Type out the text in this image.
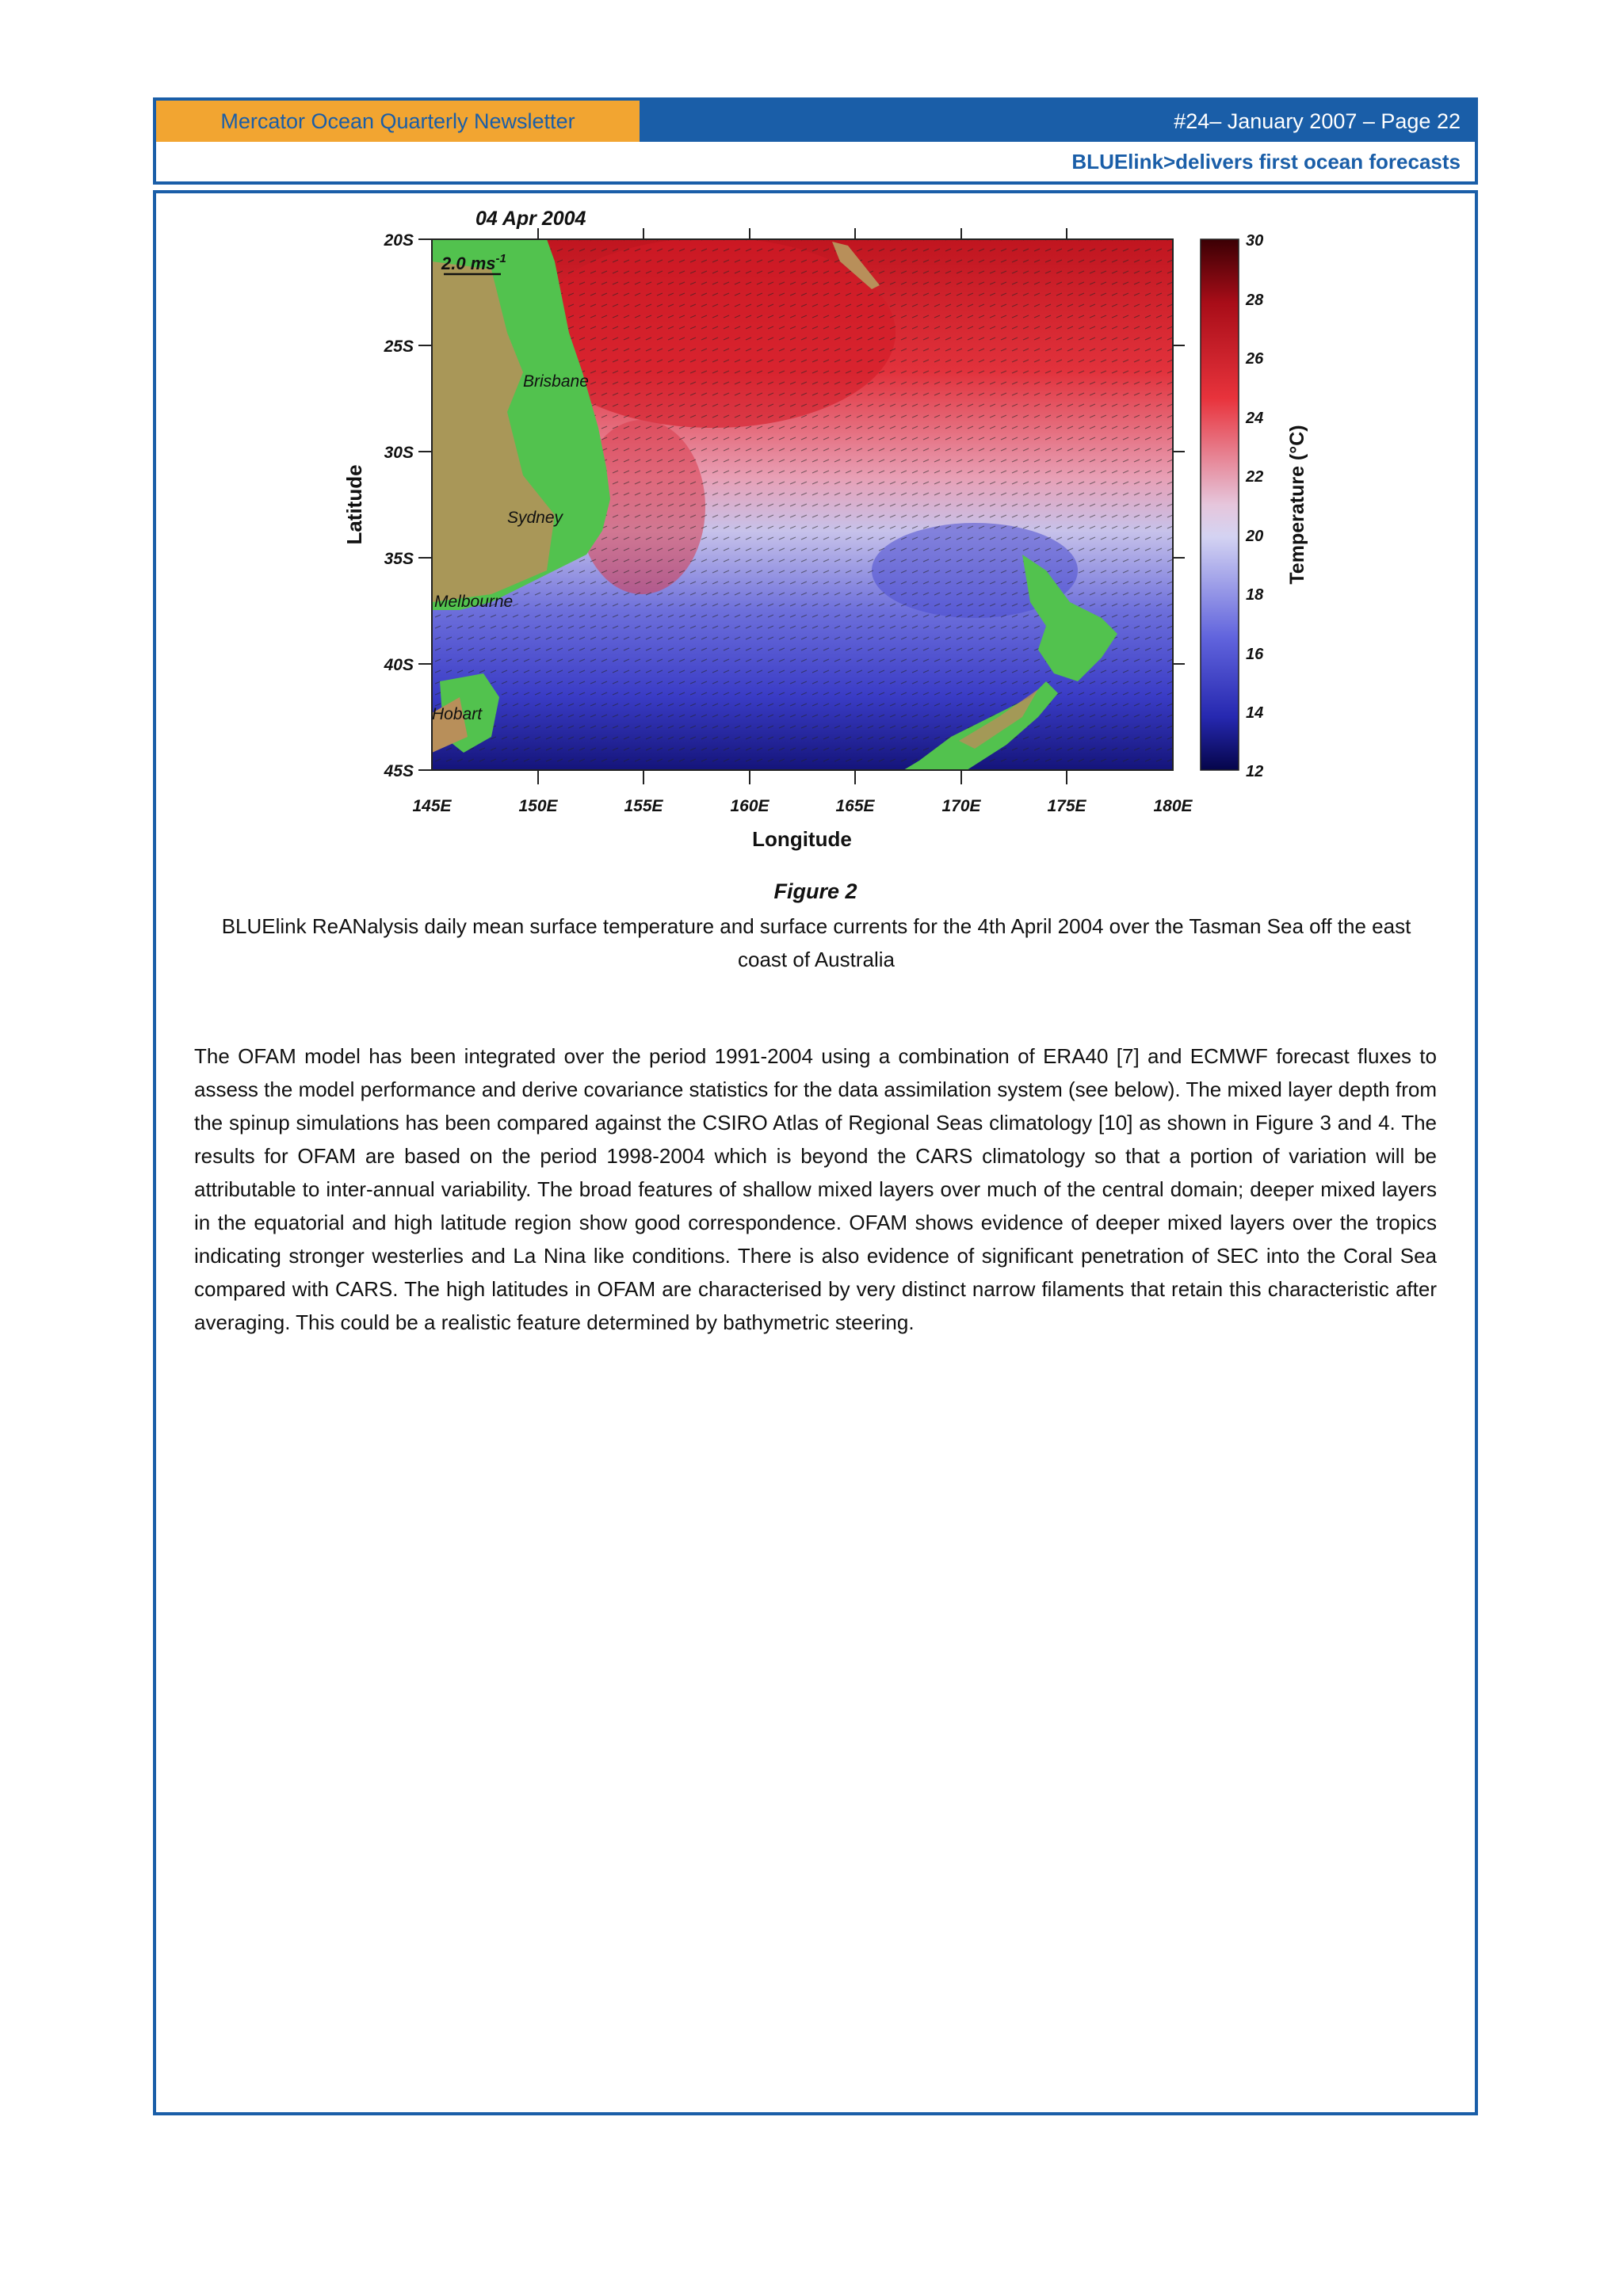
Mercator Ocean Quarterly Newsletter	#24– January 2007 – Page 22
BLUElink>delivers first ocean forecasts
04 Apr 2004
20S
25S
30S
35S
40S
45S
145E	150E	155E	160E	165E	170E	175E	180E
Longitude
Latitude
2.0 $ms^{-1}$
Brisbane
Sydney
Melbourne
Hobart
30
28
26
24
22
20
18
16
14
12
Temperature (°C)
Figure 2
BLUElink ReANalysis daily mean surface temperature and surface currents for the 4th April 2004 over the Tasman Sea off the east coast of Australia
The OFAM model has been integrated over the period 1991-2004 using a combination of ERA40 [7] and ECMWF forecast fluxes to assess the model performance and derive covariance statistics for the data assimilation system (see below). The mixed layer depth from the spinup simulations has been compared against the CSIRO Atlas of Regional Seas climatology [10] as shown in Figure 3 and 4. The results for OFAM are based on the period 1998-2004 which is beyond the CARS climatology so that a portion of variation will be attributable to inter-annual variability. The broad features of shallow mixed layers over much of the central domain; deeper mixed layers in the equatorial and high latitude region show good correspondence. OFAM shows evidence of deeper mixed layers over the tropics indicating stronger westerlies and La Nina like conditions. There is also evidence of significant penetration of SEC into the Coral Sea compared with CARS. The high latitudes in OFAM are characterised by very distinct narrow filaments that retain this characteristic after averaging. This could be a realistic feature determined by bathymetric steering.
